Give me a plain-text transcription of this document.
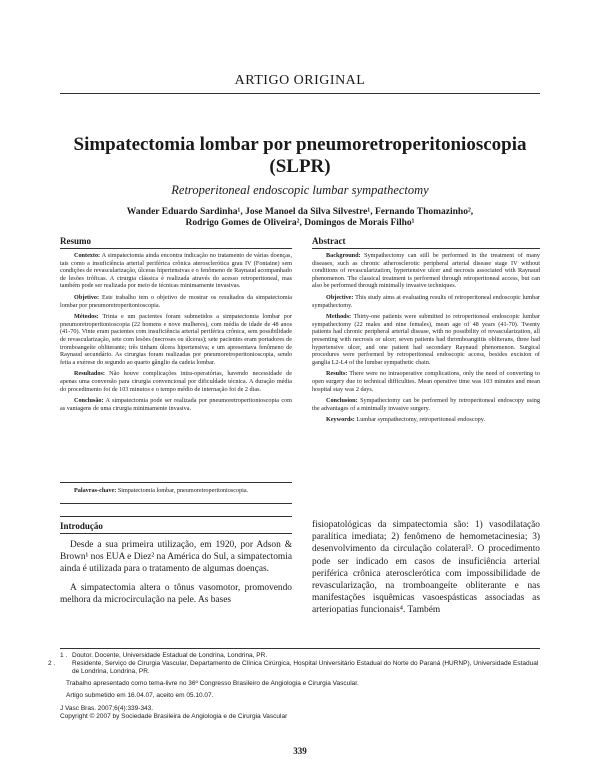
ARTIGO ORIGINAL
Simpatectomia lombar por pneumoretroperitonioscopia (SLPR)
Retroperitoneal endoscopic lumbar sympathectomy
Wander Eduardo Sardinha¹, Jose Manoel da Silva Silvestre¹, Fernando Thomazinho²,
Rodrigo Gomes de Oliveira², Domingos de Morais Filho¹
Resumo

Contexto: A simpatectomia ainda encontra indicação no tratamento de várias doenças, tais como a insuficiência arterial periférica crônica aterosclerótica grau IV (Fontaine) sem condições de revascularização, úlceras hipertensivas e o fenômeno de Raynaud acompanhado de lesões tróficas. A cirurgia clássica é realizada através do acesso retroperitoneal, mas também pode ser realizada por meio de técnicas minimamente invasivas.

Objetivo: Este trabalho tem o objetivo de mostrar os resultados da simpatectomia lombar por pneumoretroperitonioscopia.

Métodos: Trinta e um pacientes foram submetidos a simpatectomia lombar por pneumoretroperitonioscopia (22 homens e nove mulheres), com média de idade de 48 anos (41-70). Vinte eram pacientes com insuficiência arterial periférica crônica, sem possibilidade de revascularização, sete com lesões (necroses ou úlceras); sete pacientes eram portadores de tromboangeíte obliterante; três tinham úlcera hipertensiva; e um apresentava fenômeno de Raynaud secundário. As cirurgias foram realizadas por pneumoretroperitonioscopia, sendo feita a exérese do segundo ao quarto gânglio da cadeia lombar.

Resultados: Não houve complicações intra-operatórias, havendo necessidade de apenas uma conversão para cirurgia convencional por dificuldade técnica. A duração média do procedimento foi de 103 minutos e o tempo médio de internação foi de 2 dias.

Conclusão: A simpatectomia pode ser realizada por pneumoretroperitonioscopia com as vantagens de uma cirurgia minimamente invasiva.

Palavras-chave: Simpatectomia lombar, pneumoretroperitonioscopia.
Abstract

Background: Sympathectomy can still be performed in the treatment of many diseases, such as chronic atherosclerotic peripheral arterial disease stage IV without conditions of revascularization, hypertensive ulcer and necrosis associated with Raynaud phenomenon. The classical treatment is performed through retroperitoneal access, but can also be performed through minimally invasive techniques.

Objective: This study aims at evaluating results of retroperitoneal endoscopic lumbar sympathectomy.

Methods: Thirty-one patients were submitted to retroperitoneal endoscopic lumbar sympathectomy (22 males and nine females), mean age of 48 years (41-70). Twenty patients had chronic peripheral arterial disease, with no possibility of revascularization, all presenting with necrosis or ulcer; seven patients had thromboangiitis obliterans, three had hypertensive ulcer, and one patient had secondary Raynaud phenomenon. Surgical procedures were performed by retroperitoneal endoscopic access, besides excision of ganglia L2-L4 of the lumbar sympathetic chain.

Results: There were no intraoperative complications, only the need of converting to open surgery due to technical difficulties. Mean operative time was 103 minutes and mean hospital stay was 2 days.

Conclusion: Sympathectomy can be performed by retroperitoneal endoscopy using the advantages of a minimally invasive surgery.

Keywords: Lumbar sympathectomy, retroperitoneal endoscopy.

Introdução

Desde a sua primeira utilização, em 1920, por Adson & Brown¹ nos EUA e Diez² na América do Sul, a simpatectomia ainda é utilizada para o tratamento de algumas doenças.

A simpatectomia altera o tônus vasomotor, promovendo melhora da microcirculação na pele. As bases

fisiopatológicas da simpatectomia são: 1) vasodilatação paralítica imediata; 2) fenômeno de hemometacinesia; 3) desenvolvimento da circulação colateral³. O procedimento pode ser indicado em casos de insuficiência arterial periférica crônica aterosclerótica com impossibilidade de revascularização, na tromboangeíte obliterante e nas manifestações isquêmicas vasoespásticas associadas as arteriopatias funcionais⁴. Também

1 . Doutor. Docente, Universidade Estadual de Londrina, Londrina, PR.
2 .	Residente, Serviço de Cirurgia Vascular, Departamento de Clínica Cirúrgica, Hospital Universitário Estadual do Norte do Paraná (HURNP), Universidade Estadual de Londrina, Londrina, PR.
Trabalho apresentado como tema-livre no 36º Congresso Brasileiro de Angiologia e Cirurgia Vascular.
Artigo submetido em 16.04.07, aceito em 05.10.07.
J Vasc Bras. 2007;6(4):339-343.
Copyright © 2007 by Sociedade Brasileira de Angiologia e de Cirurgia Vascular
339
